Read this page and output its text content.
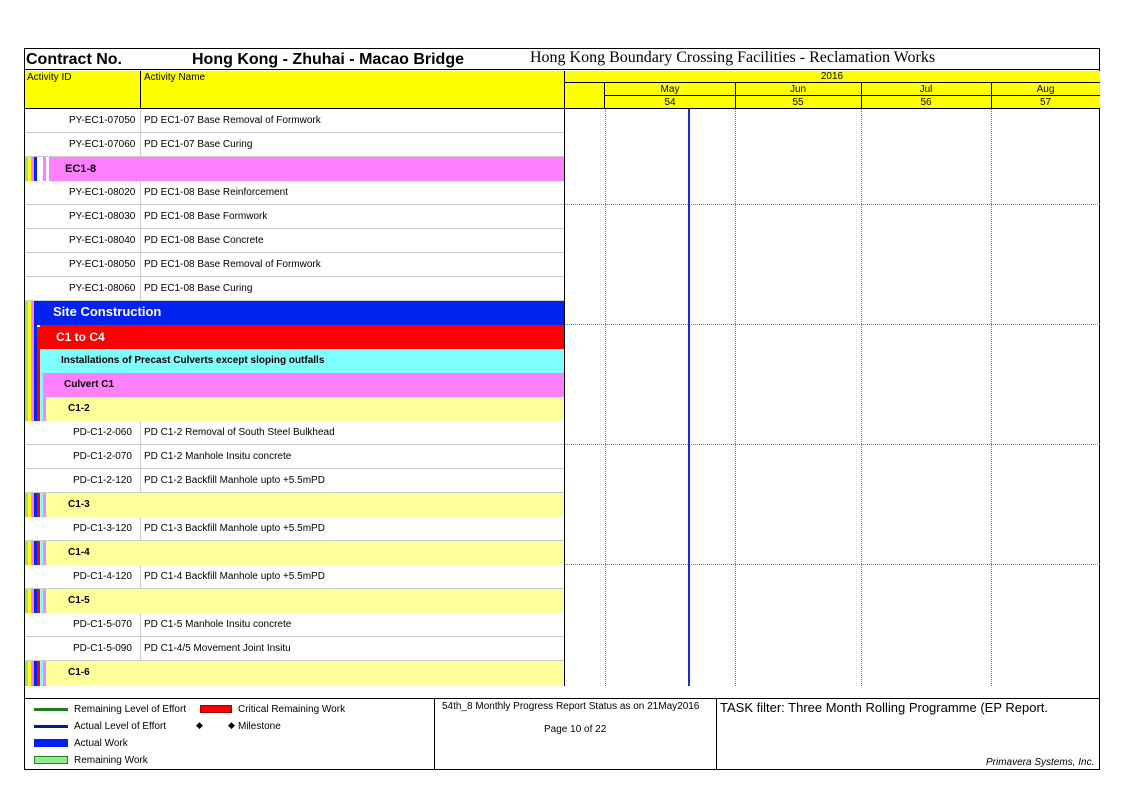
Contract No.	Hong Kong - Zhuhai - Macao Bridge	Hong Kong Boundary Crossing Facilities - Reclamation Works
Activity ID	Activity Name	2016
May	Jun	Jul	Aug
54	55	56	57
PY-EC1-07050 PD EC1-07 Base Removal of Formwork
PY-EC1-07060 PD EC1-07 Base Curing
EC1-8
PY-EC1-08020 PD EC1-08 Base Reinforcement
PY-EC1-08030 PD EC1-08 Base Formwork
PY-EC1-08040 PD EC1-08 Base Concrete
PY-EC1-08050 PD EC1-08 Base Removal of Formwork
PY-EC1-08060 PD EC1-08 Base Curing
Site Construction
C1 to C4
Installations of Precast Culverts except sloping outfalls
Culvert C1
C1-2
PD-C1-2-060 PD C1-2 Removal of South Steel Bulkhead
PD-C1-2-070 PD C1-2 Manhole Insitu concrete
PD-C1-2-120 PD C1-2 Backfill Manhole upto +5.5mPD
C1-3
PD-C1-3-120 PD C1-3 Backfill Manhole upto +5.5mPD
C1-4
PD-C1-4-120 PD C1-4 Backfill Manhole upto +5.5mPD
C1-5
PD-C1-5-070 PD C1-5 Manhole Insitu concrete
PD-C1-5-090 PD C1-4/5 Movement Joint Insitu
C1-6
Remaining Level of Effort	Critical Remaining Work
Actual Level of Effort	◆	◆ Milestone
Actual Work
Remaining Work
54th_8 Monthly Progress Report Status as on 21May2016
Page 10 of 22
TASK filter: Three Month Rolling Programme (EP Report.
Primavera Systems, Inc.
